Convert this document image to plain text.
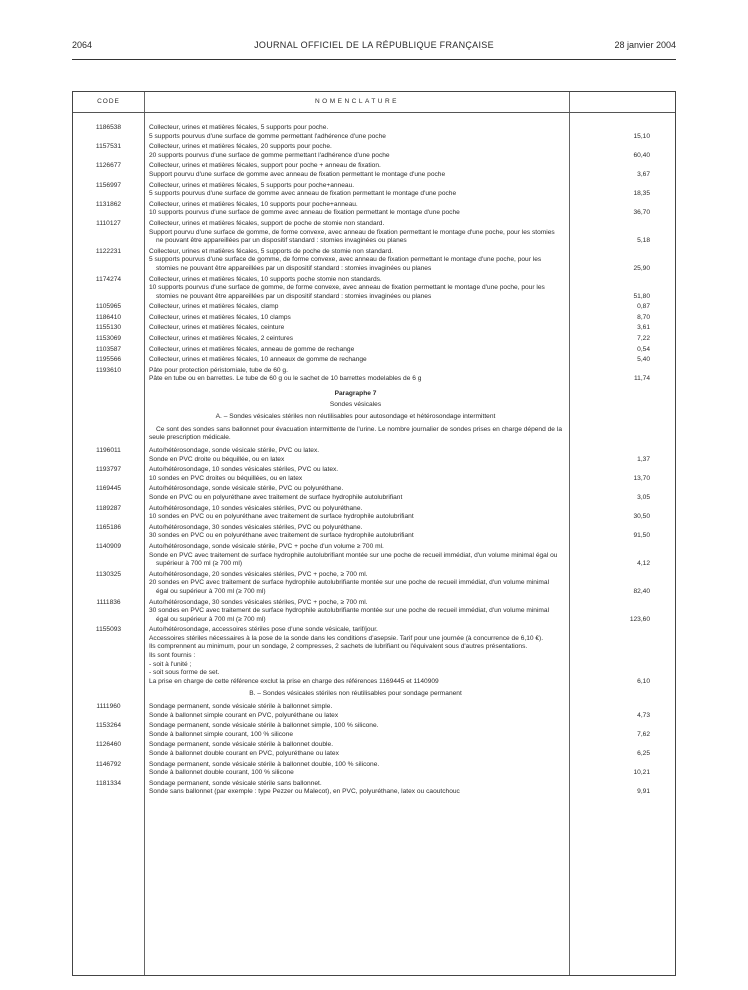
2064	JOURNAL OFFICIEL DE LA RÉPUBLIQUE FRANÇAISE	28 janvier 2004
CODE	NOMENCLATURE
1186538	Collecteur, urines et matières fécales, 5 supports pour poche.
5 supports pourvus d'une surface de gomme permettant l'adhérence d'une poche	15,10
1157531	Collecteur, urines et matières fécales, 20 supports pour poche.
20 supports pourvus d'une surface de gomme permettant l'adhérence d'une poche	60,40
1126677	Collecteur, urines et matières fécales, support pour poche + anneau de fixation.
Support pourvu d'une surface de gomme avec anneau de fixation permettant le montage d'une poche	3,67
1156997	Collecteur, urines et matières fécales, 5 supports pour poche+anneau.
5 supports pourvus d'une surface de gomme avec anneau de fixation permettant le montage d'une poche	18,35
1131862	Collecteur, urines et matières fécales, 10 supports pour poche+anneau.
10 supports pourvus d'une surface de gomme avec anneau de fixation permettant le montage d'une poche	36,70
1110127	Collecteur, urines et matières fécales, support de poche de stomie non standard.
Support pourvu d'une surface de gomme, de forme convexe, avec anneau de fixation permettant le montage d'une poche, pour les stomies ne pouvant être appareillées par un dispositif standard : stomies invaginées ou planes	5,18
1122231	Collecteur, urines et matières fécales, 5 supports de poche de stomie non standard.
5 supports pourvus d'une surface de gomme, de forme convexe, avec anneau de fixation permettant le montage d'une poche, pour les stomies ne pouvant être appareillées par un dispositif standard : stomies invaginées ou planes	25,90
1174274	Collecteur, urines et matières fécales, 10 supports poche stomie non standards.
10 supports pourvus d'une surface de gomme, de forme convexe, avec anneau de fixation permettant le montage d'une poche, pour les stomies ne pouvant être appareillées par un dispositif standard : stomies invaginées ou planes	51,80
1105965	Collecteur, urines et matières fécales, clamp	0,87
1186410	Collecteur, urines et matières fécales, 10 clamps	8,70
1155130	Collecteur, urines et matières fécales, ceinture	3,61
1153069	Collecteur, urines et matières fécales, 2 ceintures	7,22
1103587	Collecteur, urines et matières fécales, anneau de gomme de rechange	0,54
1195566	Collecteur, urines et matières fécales, 10 anneaux de gomme de rechange	5,40
1193610	Pâte pour protection péristomiale, tube de 60 g.
Pâte en tube ou en barrettes. Le tube de 60 g ou le sachet de 10 barrettes modelables de 6 g	11,74
Paragraphe 7
Sondes vésicales
A. – Sondes vésicales stériles non réutilisables pour autosondage et hétérosondage intermittent
Ce sont des sondes sans ballonnet pour évacuation intermittente de l'urine. Le nombre journalier de sondes prises en charge dépend de la seule prescription médicale.
1196011	Auto/hétérosondage, sonde vésicale stérile, PVC ou latex.
Sonde en PVC droite ou béquillée, ou en latex	1,37
1193797	Auto/hétérosondage, 10 sondes vésicales stériles, PVC ou latex.
10 sondes en PVC droites ou béquillées, ou en latex	13,70
1169445	Auto/hétérosondage, sonde vésicale stérile, PVC ou polyuréthane.
Sonde en PVC ou en polyuréthane avec traitement de surface hydrophile autolubrifiant	3,05
1189287	Auto/hétérosondage, 10 sondes vésicales stériles, PVC ou polyuréthane.
10 sondes en PVC ou en polyuréthane avec traitement de surface hydrophile autolubrifiant	30,50
1165186	Auto/hétérosondage, 30 sondes vésicales stériles, PVC ou polyuréthane.
30 sondes en PVC ou en polyuréthane avec traitement de surface hydrophile autolubrifiant	91,50
1140909	Auto/hétérosondage, sonde vésicale stérile, PVC + poche d'un volume ≥ 700 ml.
Sonde en PVC avec traitement de surface hydrophile autolubrifiant montée sur une poche de recueil immédiat, d'un volume minimal égal ou supérieur à 700 ml (≥ 700 ml)	4,12
1130325	Auto/hétérosondage, 20 sondes vésicales stériles, PVC + poche, ≥ 700 ml.
20 sondes en PVC avec traitement de surface hydrophile autolubrifiante montée sur une poche de recueil immédiat, d'un volume minimal égal ou supérieur à 700 ml (≥ 700 ml)	82,40
1111836	Auto/hétérosondage, 30 sondes vésicales stériles, PVC + poche, ≥ 700 ml.
30 sondes en PVC avec traitement de surface hydrophile autolubrifiante montée sur une poche de recueil immédiat, d'un volume minimal égal ou supérieur à 700 ml (≥ 700 ml)	123,60
1155093	Auto/hétérosondage, accessoires stériles pose d'une sonde vésicale, tarif/jour.
Accessoires stériles nécessaires à la pose de la sonde dans les conditions d'asepsie. Tarif pour une journée (à concurrence de 6,10 €).
Ils comprennent au minimum, pour un sondage, 2 compresses, 2 sachets de lubrifiant ou l'équivalent sous d'autres présentations.
Ils sont fournis :
- soit à l'unité ;
- soit sous forme de set.
La prise en charge de cette référence exclut la prise en charge des références 1169445 et 1140909	6,10
B. – Sondes vésicales stériles non réutilisables pour sondage permanent
1111960	Sondage permanent, sonde vésicale stérile à ballonnet simple.
Sonde à ballonnet simple courant en PVC, polyuréthane ou latex	4,73
1153264	Sondage permanent, sonde vésicale stérile à ballonnet simple, 100 % silicone.
Sonde à ballonnet simple courant, 100 % silicone	7,62
1126460	Sondage permanent, sonde vésicale stérile à ballonnet double.
Sonde à ballonnet double courant en PVC, polyuréthane ou latex	6,25
1146792	Sondage permanent, sonde vésicale stérile à ballonnet double, 100 % silicone.
Sonde à ballonnet double courant, 100 % silicone	10,21
1181334	Sondage permanent, sonde vésicale stérile sans ballonnet.
Sonde sans ballonnet (par exemple : type Pezzer ou Malecot), en PVC, polyuréthane, latex ou caoutchouc	9,91
